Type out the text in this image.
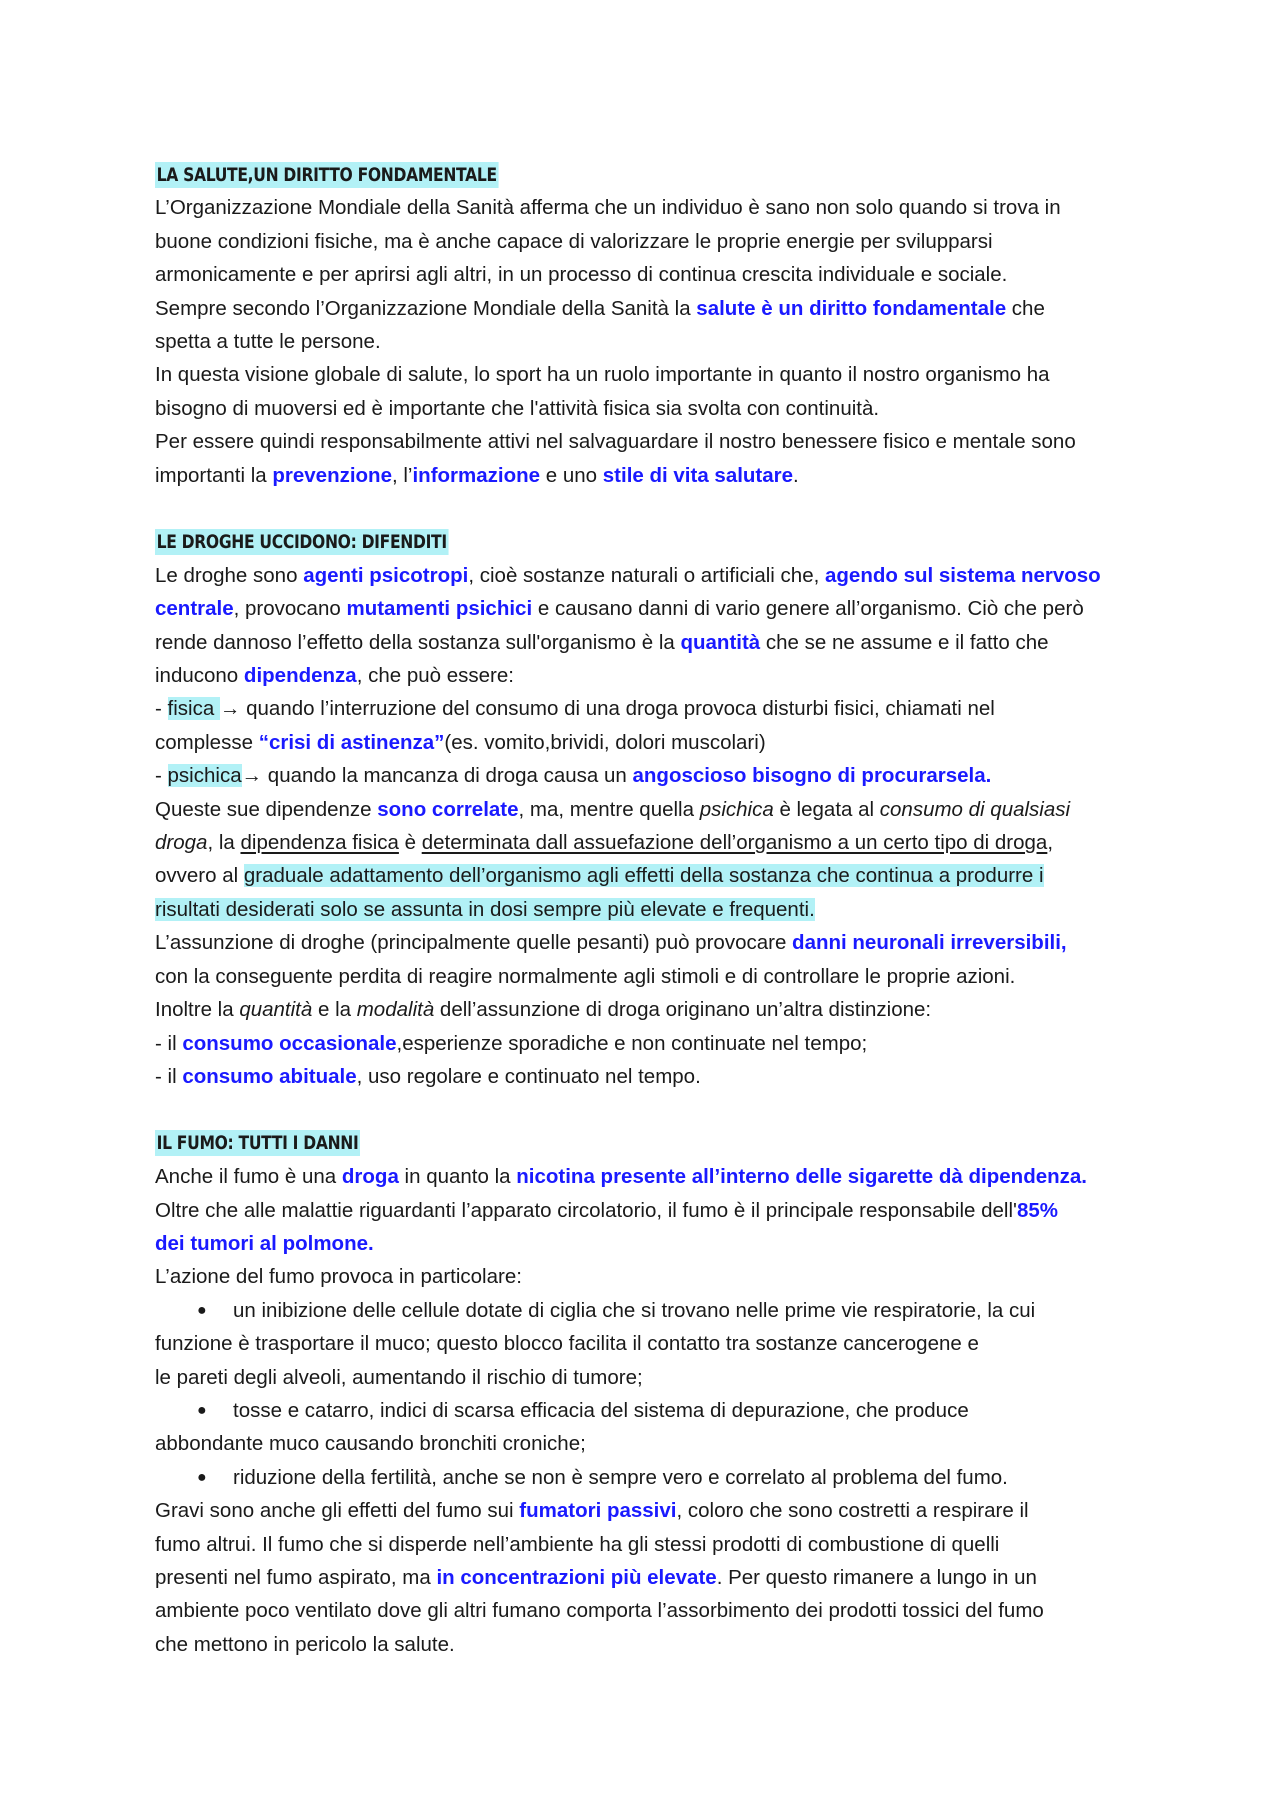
LA SALUTE,UN DIRITTO FONDAMENTALE
L’Organizzazione Mondiale della Sanità afferma che un individuo è sano non solo quando si trova in
buone condizioni fisiche, ma è anche capace di valorizzare le proprie energie per svilupparsi
armonicamente e per aprirsi agli altri, in un processo di continua crescita individuale e sociale.
Sempre secondo l’Organizzazione Mondiale della Sanità la salute è un diritto fondamentale che
spetta a tutte le persone.
In questa visione globale di salute, lo sport ha un ruolo importante in quanto il nostro organismo ha
bisogno di muoversi ed è importante che l'attività fisica sia svolta con continuità.
Per essere quindi responsabilmente attivi nel salvaguardare il nostro benessere fisico e mentale sono
importanti la prevenzione, l’informazione e uno stile di vita salutare.
LE DROGHE UCCIDONO: DIFENDITI
Le droghe sono agenti psicotropi, cioè sostanze naturali o artificiali che, agendo sul sistema nervoso
centrale, provocano mutamenti psichici e causano danni di vario genere all’organismo. Ciò che però
rende dannoso l’effetto della sostanza sull'organismo è la quantità che se ne assume e il fatto che
inducono dipendenza, che può essere:
- fisica → quando l’interruzione del consumo di una droga provoca disturbi fisici, chiamati nel
complesse “crisi di astinenza”(es. vomito,brividi, dolori muscolari)
- psichica→ quando la mancanza di droga causa un angoscioso bisogno di procurarsela.
Queste sue dipendenze sono correlate, ma, mentre quella psichica è legata al consumo di qualsiasi
droga, la dipendenza fisica è determinata dall assuefazione dell’organismo a un certo tipo di droga,
ovvero al graduale adattamento dell’organismo agli effetti della sostanza che continua a produrre i
risultati desiderati solo se assunta in dosi sempre più elevate e frequenti.
L’assunzione di droghe (principalmente quelle pesanti) può provocare danni neuronali irreversibili,
con la conseguente perdita di reagire normalmente agli stimoli e di controllare le proprie azioni.
Inoltre la quantità e la modalità dell’assunzione di droga originano un’altra distinzione:
- il consumo occasionale,esperienze sporadiche e non continuate nel tempo;
- il consumo abituale, uso regolare e continuato nel tempo.
IL FUMO: TUTTI I DANNI
Anche il fumo è una droga in quanto la nicotina presente all’interno delle sigarette dà dipendenza.
Oltre che alle malattie riguardanti l’apparato circolatorio, il fumo è il principale responsabile dell'85%
dei tumori al polmone.
L’azione del fumo provoca in particolare:
● un inibizione delle cellule dotate di ciglia che si trovano nelle prime vie respiratorie, la cui
funzione è trasportare il muco; questo blocco facilita il contatto tra sostanze cancerogene e
le pareti degli alveoli, aumentando il rischio di tumore;
● tosse e catarro, indici di scarsa efficacia del sistema di depurazione, che produce
abbondante muco causando bronchiti croniche;
● riduzione della fertilità, anche se non è sempre vero e correlato al problema del fumo.
Gravi sono anche gli effetti del fumo sui fumatori passivi, coloro che sono costretti a respirare il
fumo altrui. Il fumo che si disperde nell’ambiente ha gli stessi prodotti di combustione di quelli
presenti nel fumo aspirato, ma in concentrazioni più elevate. Per questo rimanere a lungo in un
ambiente poco ventilato dove gli altri fumano comporta l’assorbimento dei prodotti tossici del fumo
che mettono in pericolo la salute.
